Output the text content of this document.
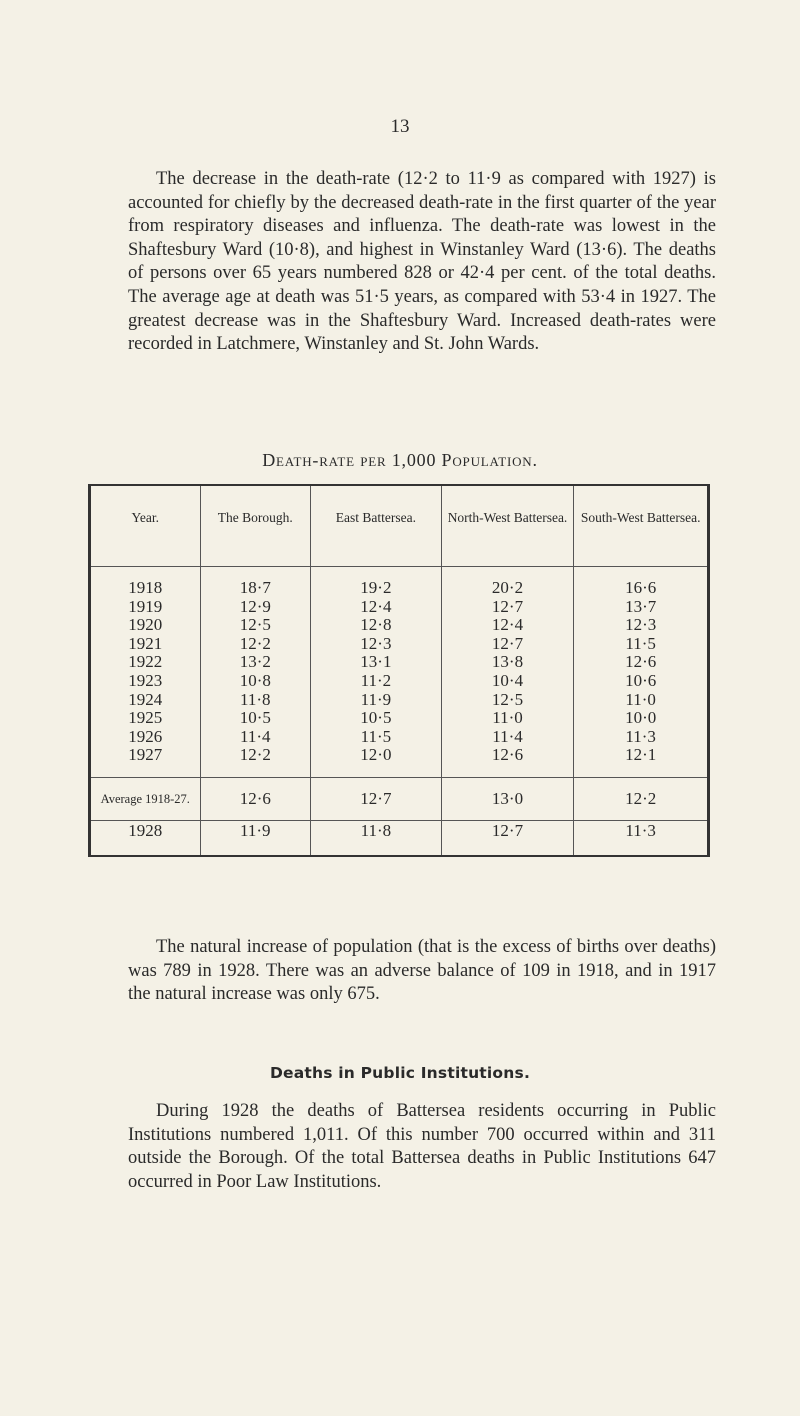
13

The decrease in the death-rate (12·2 to 11·9 as compared with 1927) is accounted for chiefly by the decreased death-rate in the first quarter of the year from respiratory diseases and influenza. The death-rate was lowest in the Shaftesbury Ward (10·8), and highest in Winstanley Ward (13·6). The deaths of persons over 65 years numbered 828 or 42·4 per cent. of the total deaths. The average age at death was 51·5 years, as compared with 53·4 in 1927. The greatest decrease was in the Shaftesbury Ward. Increased death-rates were recorded in Latchmere, Winstanley and St. John Wards.

Death-rate per 1,000 Population.
Year.	The Borough.	East Battersea.	North-West Battersea.	South-West Battersea.

1918	18·7	19·2	20·2	16·6
1919	12·9	12·4	12·7	13·7
1920	12·5	12·8	12·4	12·3
1921	12·2	12·3	12·7	11·5
1922	13·2	13·1	13·8	12·6
1923	10·8	11·2	10·4	10·6
1924	11·8	11·9	12·5	11·0
1925	10·5	10·5	11·0	10·0
1926	11·4	11·5	11·4	11·3
1927	12·2	12·0	12·6	12·1

Average 1918-27.	12·6	12·7	13·0	12·2
1928	11·9	11·8	12·7	11·3

The natural increase of population (that is the excess of births over deaths) was 789 in 1928. There was an adverse balance of 109 in 1918, and in 1917 the natural increase was only 675.

Deaths in Public Institutions.

During 1928 the deaths of Battersea residents occurring in Public Institutions numbered 1,011. Of this number 700 occurred within and 311 outside the Borough. Of the total Battersea deaths in Public Institutions 647 occurred in Poor Law Institutions.
